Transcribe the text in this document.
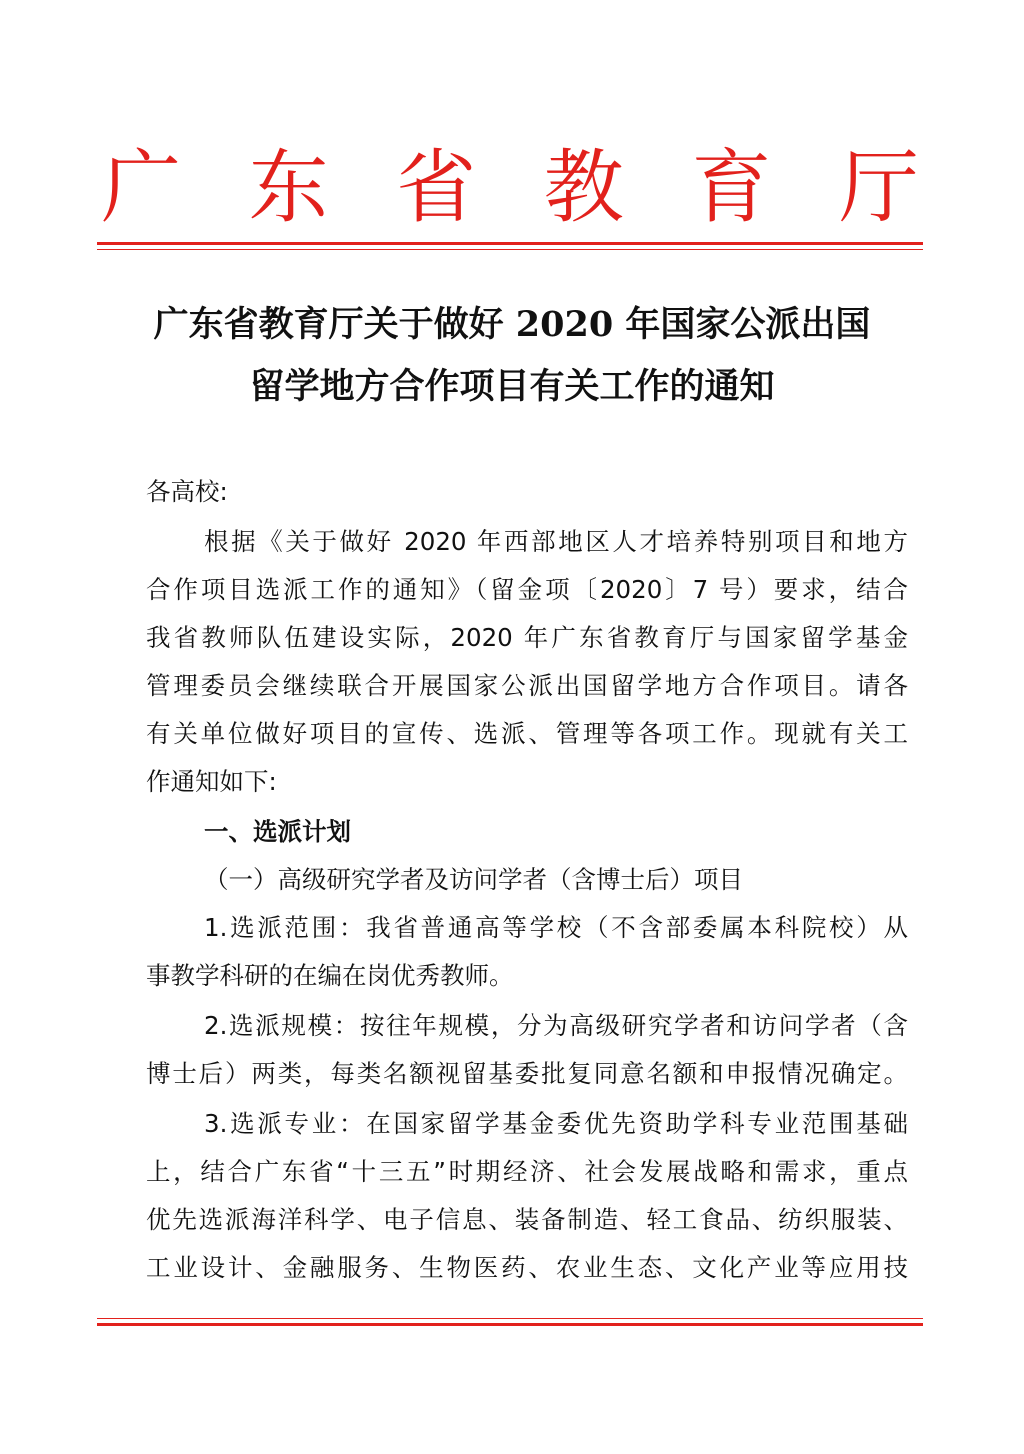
广 东 省 教 育 厅
广东省教育厅关于做好 2020 年国家公派出国
留学地方合作项目有关工作的通知
各高校:
根据《关于做好 2020 年西部地区人才培养特别项目和地方
合作项目选派工作的通知》（留金项〔2020〕7 号）要求，结合
我省教师队伍建设实际，2020 年广东省教育厅与国家留学基金
管理委员会继续联合开展国家公派出国留学地方合作项目。请各
有关单位做好项目的宣传、选派、管理等各项工作。现就有关工
作通知如下:
一、选派计划
（一）高级研究学者及访问学者（含博士后）项目
1.选派范围：我省普通高等学校（不含部委属本科院校）从
事教学科研的在编在岗优秀教师。
2.选派规模：按往年规模，分为高级研究学者和访问学者（含
博士后）两类，每类名额视留基委批复同意名额和申报情况确定。
3.选派专业：在国家留学基金委优先资助学科专业范围基础
上，结合广东省“十三五”时期经济、社会发展战略和需求，重点
优先选派海洋科学、电子信息、装备制造、轻工食品、纺织服装、
工业设计、金融服务、生物医药、农业生态、文化产业等应用技
